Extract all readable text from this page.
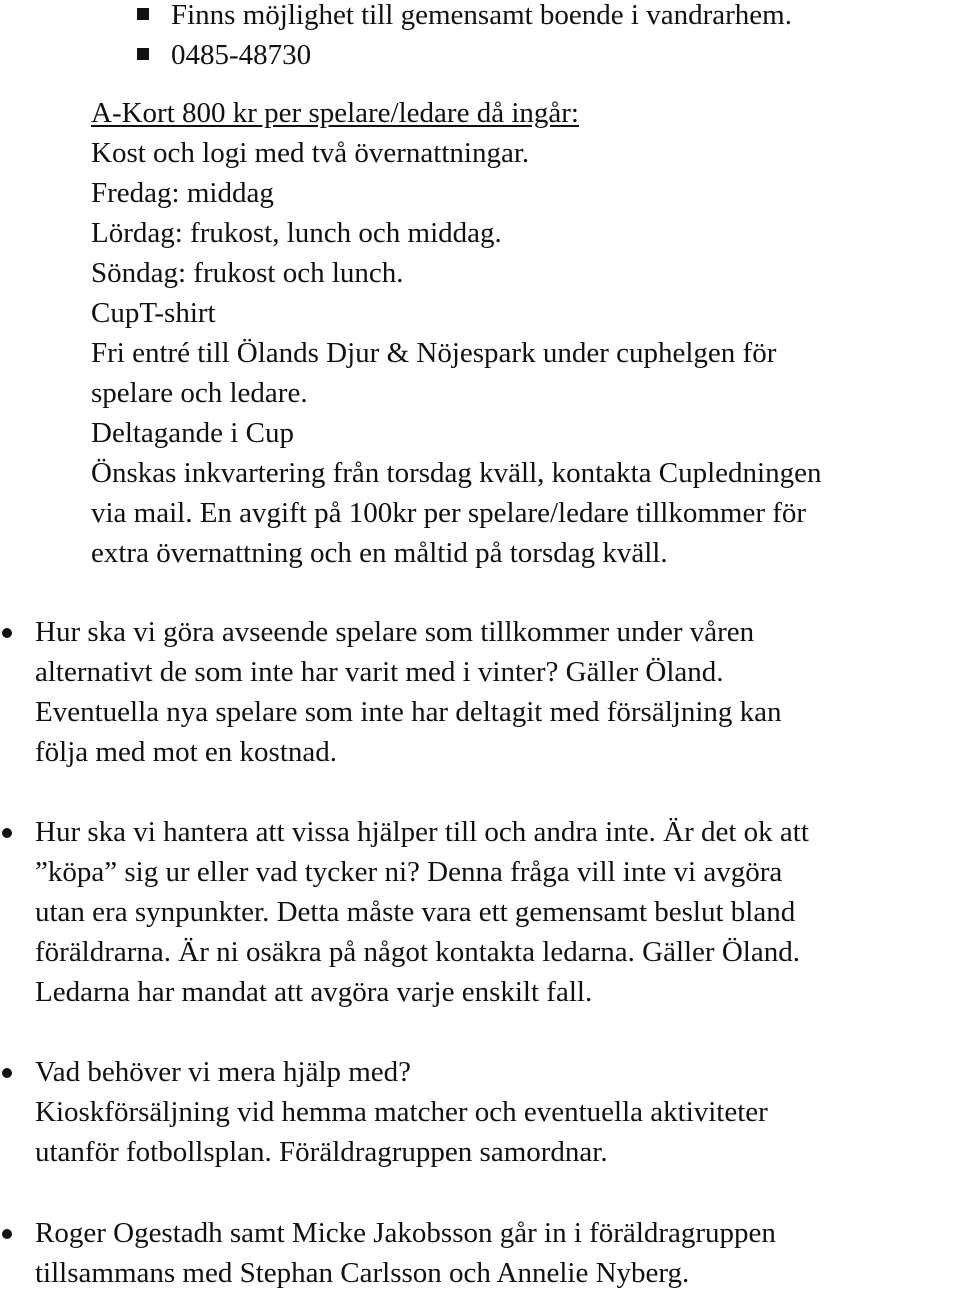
Finns möjlighet till gemensamt boende i vandrarhem.
0485-48730
A-Kort 800 kr per spelare/ledare då ingår:
Kost och logi med två övernattningar.
Fredag: middag
Lördag: frukost, lunch och middag.
Söndag: frukost och lunch.
CupT-shirt
Fri entré till Ölands Djur & Nöjespark under cuphelgen för
spelare och ledare.
Deltagande i Cup
Önskas inkvartering från torsdag kväll, kontakta Cupledningen
via mail. En avgift på 100kr per spelare/ledare tillkommer för
extra övernattning och en måltid på torsdag kväll.
Hur ska vi göra avseende spelare som tillkommer under våren
alternativt de som inte har varit med i vinter? Gäller Öland.
Eventuella nya spelare som inte har deltagit med försäljning kan
följa med mot en kostnad.
Hur ska vi hantera att vissa hjälper till och andra inte. Är det ok att
”köpa” sig ur eller vad tycker ni? Denna fråga vill inte vi avgöra
utan era synpunkter. Detta måste vara ett gemensamt beslut bland
föräldrarna. Är ni osäkra på något kontakta ledarna. Gäller Öland.
Ledarna har mandat att avgöra varje enskilt fall.
Vad behöver vi mera hjälp med?
Kioskförsäljning vid hemma matcher och eventuella aktiviteter
utanför fotbollsplan. Föräldragruppen samordnar.
Roger Ogestadh samt Micke Jakobsson går in i föräldragruppen
tillsammans med Stephan Carlsson och Annelie Nyberg.
